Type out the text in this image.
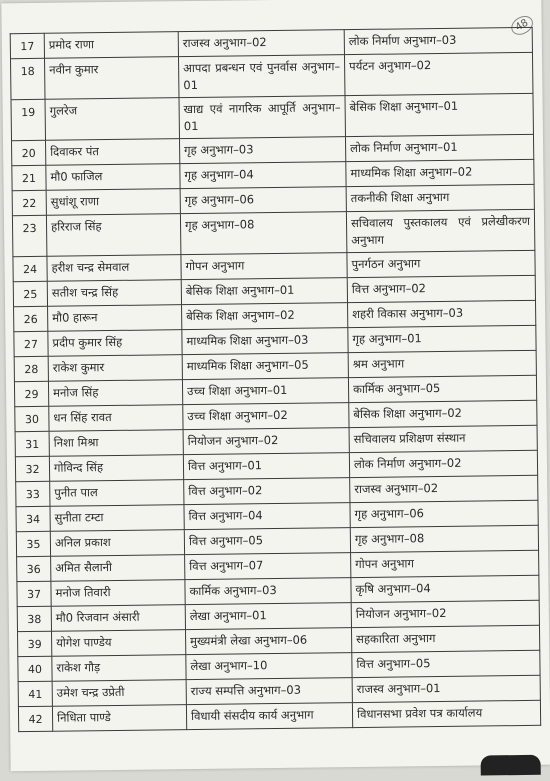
48
17	प्रमोद राणा	राजस्व अनुभाग–02	लोक निर्माण अनुभाग–03
18	नवीन कुमार	आपदा प्रबन्धन एवं पुनर्वास अनुभाग–01	पर्यटन अनुभाग–02
19	गुलरेज	खाद्य एवं नागरिक आपूर्ति अनुभाग–01	बेसिक शिक्षा अनुभाग–01
20	दिवाकर पंत	गृह अनुभाग–03	लोक निर्माण अनुभाग–01
21	मौ0 फाजिल	गृह अनुभाग–04	माध्यमिक शिक्षा अनुभाग–02
22	सुधांशू राणा	गृह अनुभाग–06	तकनीकी शिक्षा अनुभाग
23	हरिराज सिंह	गृह अनुभाग–08	सचिवालय पुस्तकालय एवं प्रलेखीकरण अनुभाग
24	हरीश चन्द्र सेमवाल	गोपन अनुभाग	पुनर्गठन अनुभाग
25	सतीश चन्द्र सिंह	बेसिक शिक्षा अनुभाग–01	वित्त अनुभाग–02
26	मौ0 हारून	बेसिक शिक्षा अनुभाग–02	शहरी विकास अनुभाग–03
27	प्रदीप कुमार सिंह	माध्यमिक शिक्षा अनुभाग–03	गृह अनुभाग–01
28	राकेश कुमार	माध्यमिक शिक्षा अनुभाग–05	श्रम अनुभाग
29	मनोज सिंह	उच्च शिक्षा अनुभाग–01	कार्मिक अनुभाग–05
30	धन सिंह रावत	उच्च शिक्षा अनुभाग–02	बेसिक शिक्षा अनुभाग–02
31	निशा मिश्रा	नियोजन अनुभाग–02	सचिवालय प्रशिक्षण संस्थान
32	गोविन्द सिंह	वित्त अनुभाग–01	लोक निर्माण अनुभाग–02
33	पुनीत पाल	वित्त अनुभाग–02	राजस्व अनुभाग–02
34	सुनीता टम्टा	वित्त अनुभाग–04	गृह अनुभाग–06
35	अनिल प्रकाश	वित्त अनुभाग–05	गृह अनुभाग–08
36	अमित सैलानी	वित्त अनुभाग–07	गोपन अनुभाग
37	मनोज तिवारी	कार्मिक अनुभाग–03	कृषि अनुभाग–04
38	मौ0 रिजवान अंसारी	लेखा अनुभाग–01	नियोजन अनुभाग–02
39	योगेश पाण्डेय	मुख्यमंत्री लेखा अनुभाग–06	सहकारिता अनुभाग
40	राकेश गौड़	लेखा अनुभाग–10	वित्त अनुभाग–05
41	उमेश चन्द्र उप्रेती	राज्य सम्पत्ति अनुभाग–03	राजस्व अनुभाग–01
42	निधिता पाण्डे	विधायी संसदीय कार्य अनुभाग	विधानसभा प्रवेश पत्र कार्यालय
